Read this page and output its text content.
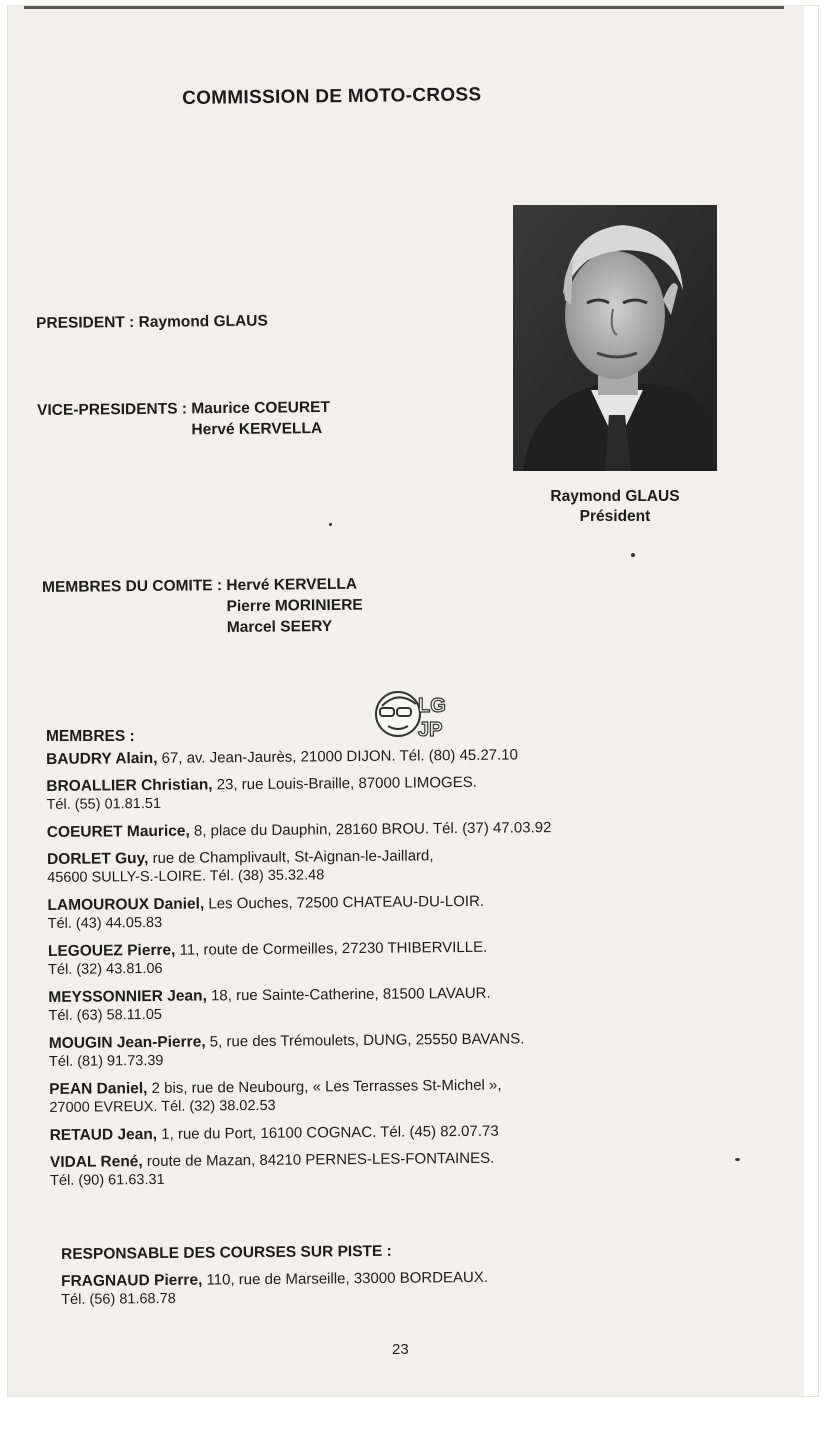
COMMISSION DE MOTO-CROSS
PRESIDENT : Raymond GLAUS
VICE-PRESIDENTS : Maurice COEURET
Hervé KERVELLA
Raymond GLAUS
Président
MEMBRES DU COMITE : Hervé KERVELLA
Pierre MORINIERE
Marcel SEERY
LG
JP
MEMBRES :
BAUDRY Alain, 67, av. Jean-Jaurès, 21000 DIJON. Tél. (80) 45.27.10
BROALLIER Christian, 23, rue Louis-Braille, 87000 LIMOGES.
Tél. (55) 01.81.51
COEURET Maurice, 8, place du Dauphin, 28160 BROU. Tél. (37) 47.03.92
DORLET Guy, rue de Champlivault, St-Aignan-le-Jaillard,
45600 SULLY-S.-LOIRE. Tél. (38) 35.32.48
LAMOUROUX Daniel, Les Ouches, 72500 CHATEAU-DU-LOIR.
Tél. (43) 44.05.83
LEGOUEZ Pierre, 11, route de Cormeilles, 27230 THIBERVILLE.
Tél. (32) 43.81.06
MEYSSONNIER Jean, 18, rue Sainte-Catherine, 81500 LAVAUR.
Tél. (63) 58.11.05
MOUGIN Jean-Pierre, 5, rue des Trémoulets, DUNG, 25550 BAVANS.
Tél. (81) 91.73.39
PEAN Daniel, 2 bis, rue de Neubourg, « Les Terrasses St-Michel »,
27000 EVREUX. Tél. (32) 38.02.53
RETAUD Jean, 1, rue du Port, 16100 COGNAC. Tél. (45) 82.07.73
VIDAL René, route de Mazan, 84210 PERNES-LES-FONTAINES.
Tél. (90) 61.63.31
RESPONSABLE DES COURSES SUR PISTE :
FRAGNAUD Pierre, 110, rue de Marseille, 33000 BORDEAUX.
Tél. (56) 81.68.78
23
